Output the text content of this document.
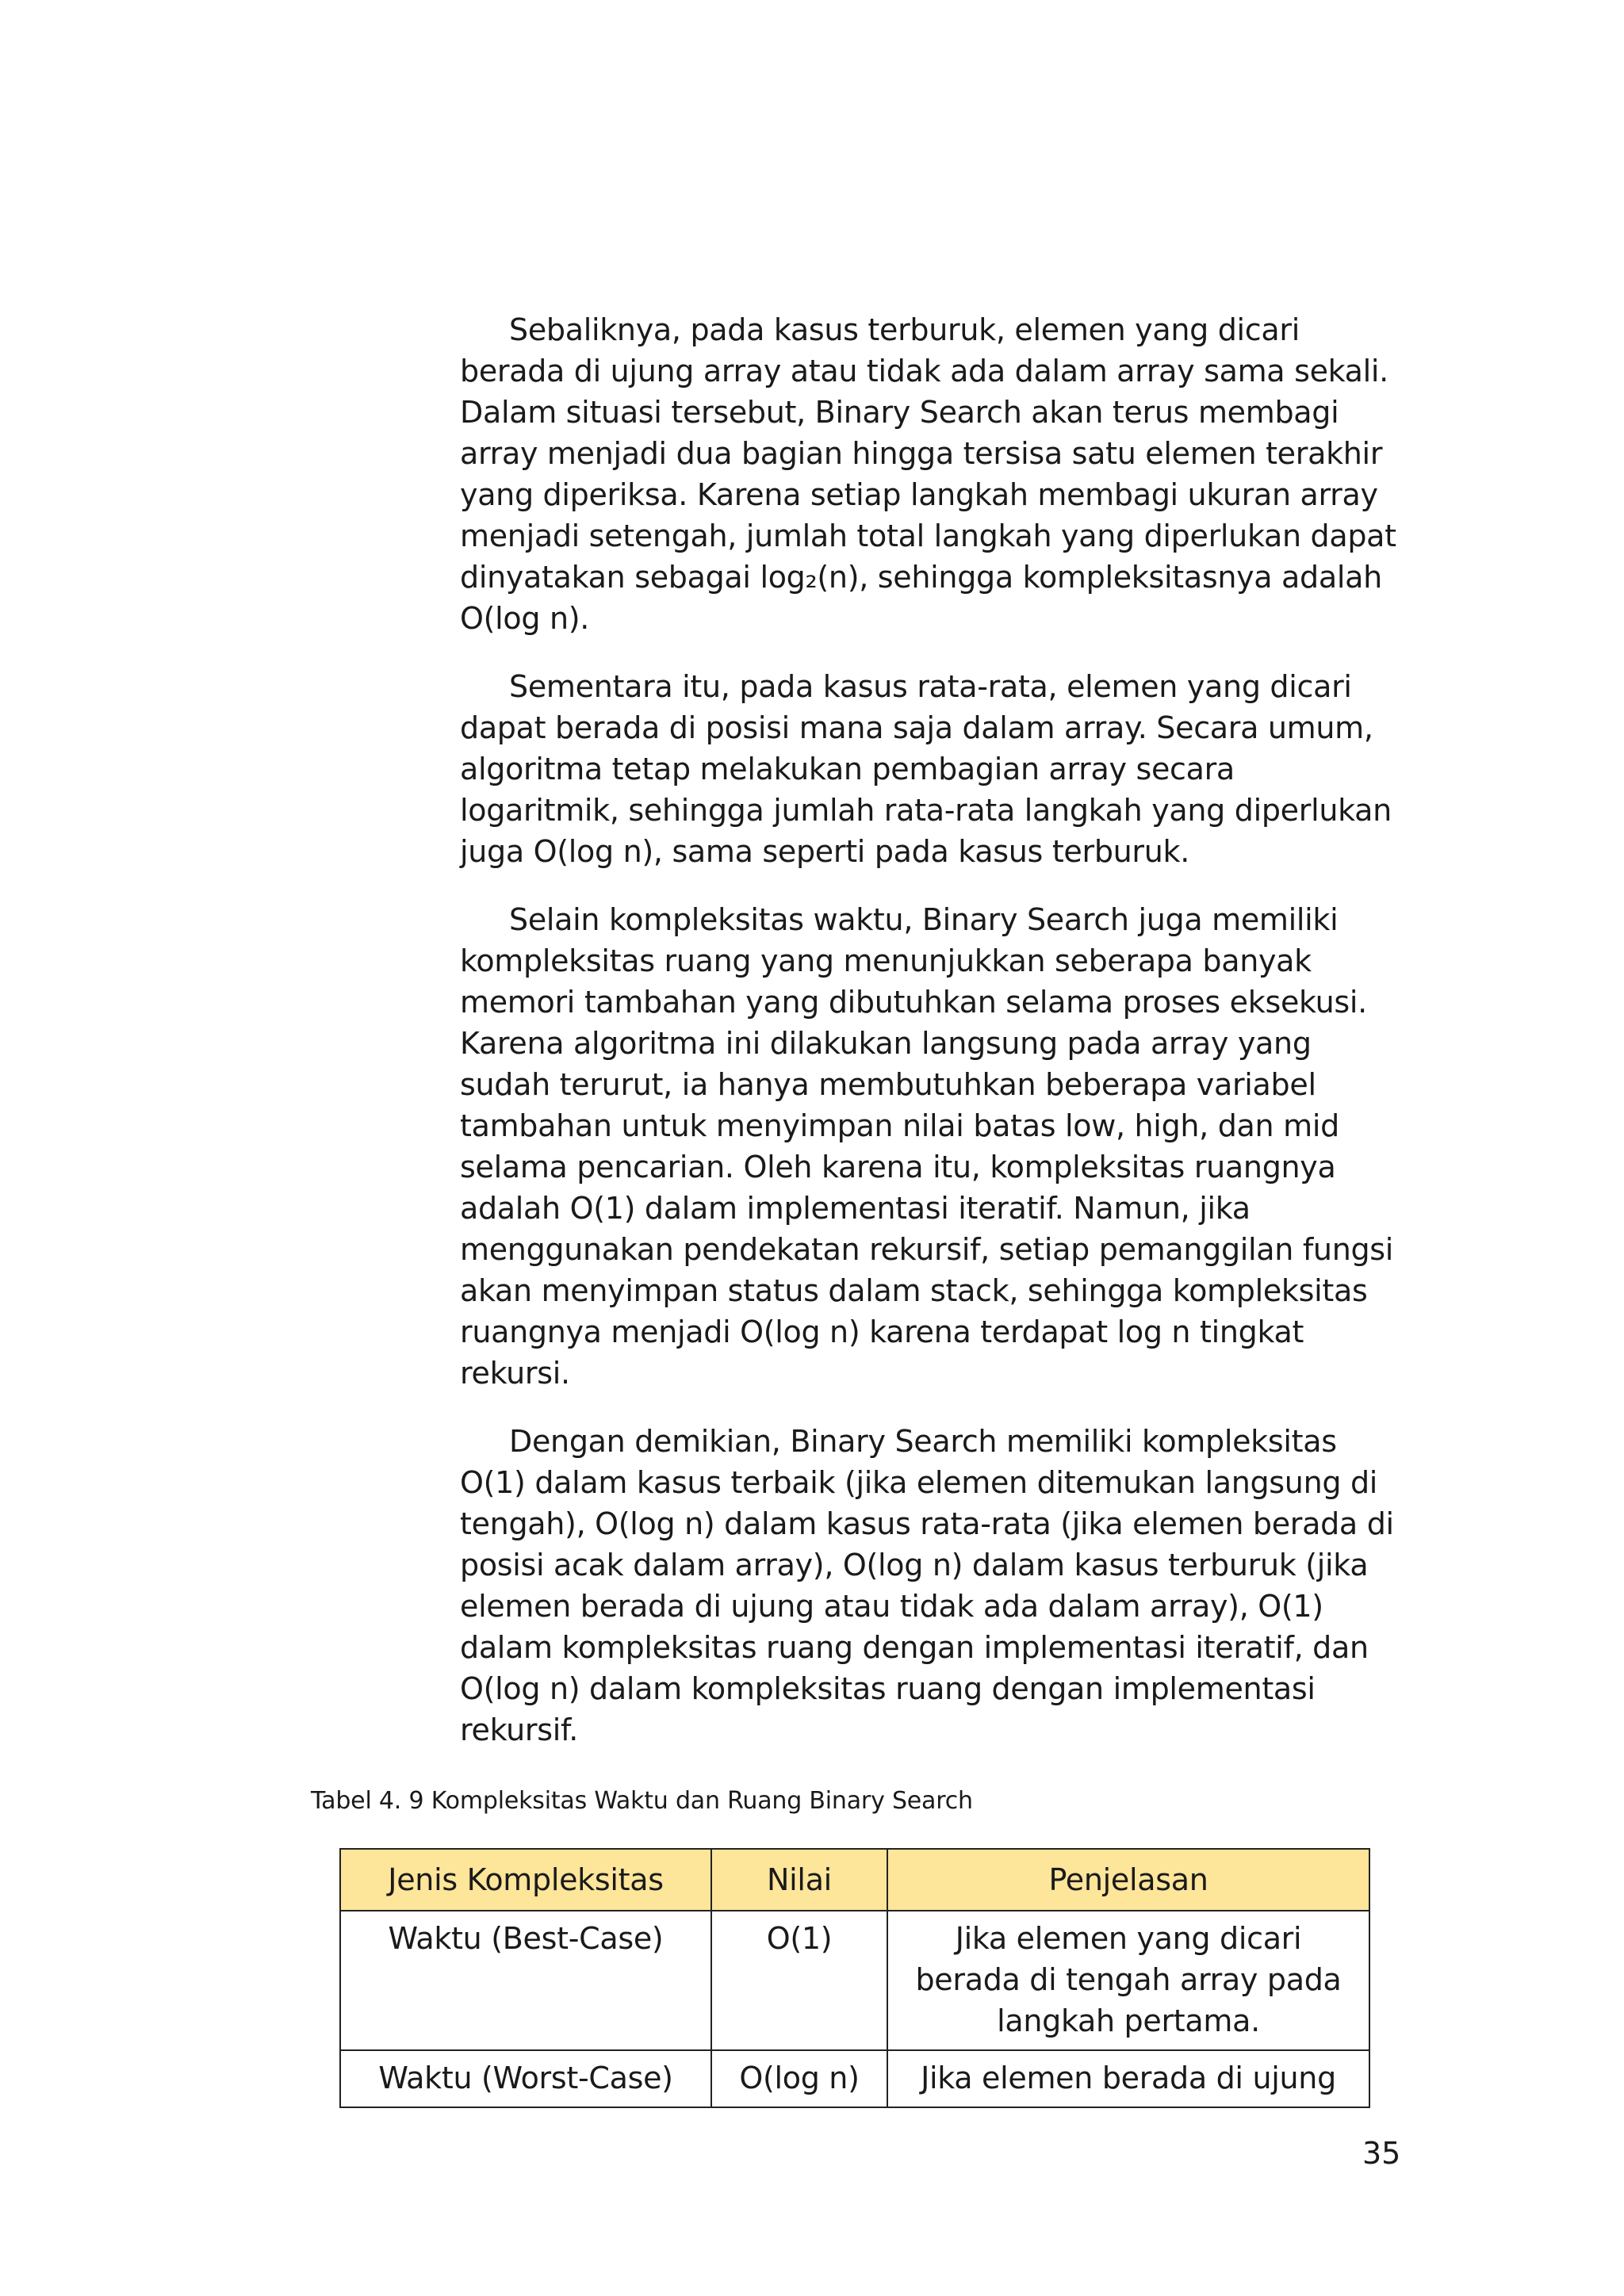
Sebaliknya, pada kasus terburuk, elemen yang dicari berada di ujung array atau tidak ada dalam array sama sekali. Dalam situasi tersebut, Binary Search akan terus membagi array menjadi dua bagian hingga tersisa satu elemen terakhir yang diperiksa. Karena setiap langkah membagi ukuran array menjadi setengah, jumlah total langkah yang diperlukan dapat dinyatakan sebagai log₂(n), sehingga kompleksitasnya adalah O(log n).

Sementara itu, pada kasus rata-rata, elemen yang dicari dapat berada di posisi mana saja dalam array. Secara umum, algoritma tetap melakukan pembagian array secara logaritmik, sehingga jumlah rata-rata langkah yang diperlukan juga O(log n), sama seperti pada kasus terburuk.

Selain kompleksitas waktu, Binary Search juga memiliki kompleksitas ruang yang menunjukkan seberapa banyak memori tambahan yang dibutuhkan selama proses eksekusi. Karena algoritma ini dilakukan langsung pada array yang sudah terurut, ia hanya membutuhkan beberapa variabel tambahan untuk menyimpan nilai batas low, high, dan mid selama pencarian. Oleh karena itu, kompleksitas ruangnya adalah O(1) dalam implementasi iteratif. Namun, jika menggunakan pendekatan rekursif, setiap pemanggilan fungsi akan menyimpan status dalam stack, sehingga kompleksitas ruangnya menjadi O(log n) karena terdapat log n tingkat rekursi.

Dengan demikian, Binary Search memiliki kompleksitas O(1) dalam kasus terbaik (jika elemen ditemukan langsung di tengah), O(log n) dalam kasus rata-rata (jika elemen berada di posisi acak dalam array), O(log n) dalam kasus terburuk (jika elemen berada di ujung atau tidak ada dalam array), O(1) dalam kompleksitas ruang dengan implementasi iteratif, dan O(log n) dalam kompleksitas ruang dengan implementasi rekursif.

Tabel 4. 9 Kompleksitas Waktu dan Ruang Binary Search
Jenis Kompleksitas	Nilai	Penjelasan
Waktu (Best-Case)	O(1)	Jika elemen yang dicari berada di tengah array pada langkah pertama.
Waktu (Worst-Case)	O(log n)	Jika elemen berada di ujung
35
